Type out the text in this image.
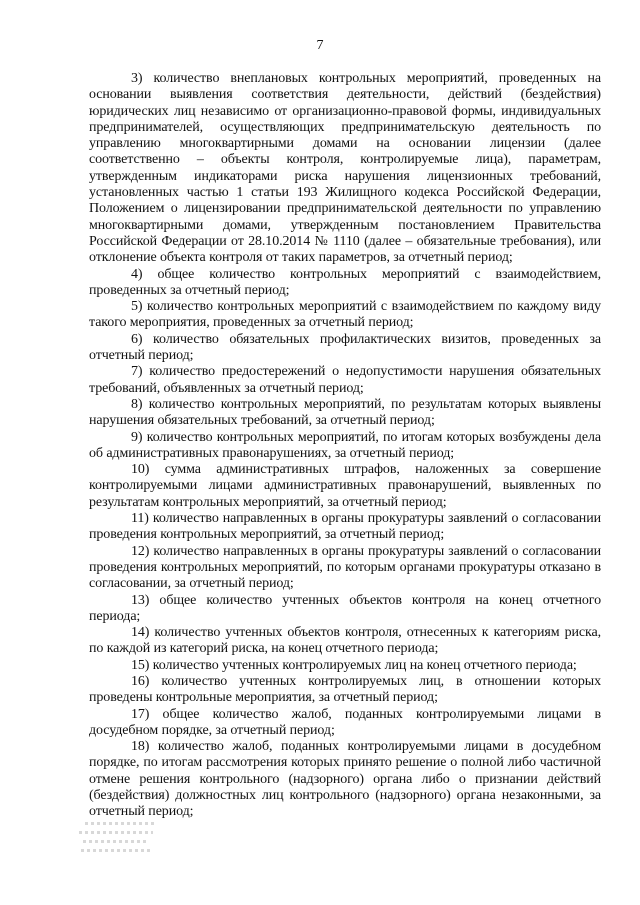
7

3) количество внеплановых контрольных мероприятий, проведенных на основании выявления соответствия деятельности, действий (бездействия) юридических лиц независимо от организационно-правовой формы, индивидуальных предпринимателей, осуществляющих предпринимательскую деятельность по управлению многоквартирными домами на основании лицензии (далее соответственно – объекты контроля, контролируемые лица), параметрам, утвержденным индикаторами риска нарушения лицензионных требований, установленных частью 1 статьи 193 Жилищного кодекса Российской Федерации, Положением о лицензировании предпринимательской деятельности по управлению многоквартирными домами, утвержденным постановлением Правительства Российской Федерации от 28.10.2014 № 1110 (далее – обязательные требования), или отклонение объекта контроля от таких параметров, за отчетный период;

4) общее количество контрольных мероприятий с взаимодействием, проведенных за отчетный период;

5) количество контрольных мероприятий с взаимодействием по каждому виду такого мероприятия, проведенных за отчетный период;

6) количество обязательных профилактических визитов, проведенных за отчетный период;

7) количество предостережений о недопустимости нарушения обязательных требований, объявленных за отчетный период;

8) количество контрольных мероприятий, по результатам которых выявлены нарушения обязательных требований, за отчетный период;

9) количество контрольных мероприятий, по итогам которых возбуждены дела об административных правонарушениях, за отчетный период;

10) сумма административных штрафов, наложенных за совершение контролируемыми лицами административных правонарушений, выявленных по результатам контрольных мероприятий, за отчетный период;

11) количество направленных в органы прокуратуры заявлений о согласовании проведения контрольных мероприятий, за отчетный период;

12) количество направленных в органы прокуратуры заявлений о согласовании проведения контрольных мероприятий, по которым органами прокуратуры отказано в согласовании, за отчетный период;

13) общее количество учтенных объектов контроля на конец отчетного периода;

14) количество учтенных объектов контроля, отнесенных к категориям риска, по каждой из категорий риска, на конец отчетного периода;

15) количество учтенных контролируемых лиц на конец отчетного периода;

16) количество учтенных контролируемых лиц, в отношении которых проведены контрольные мероприятия, за отчетный период;

17) общее количество жалоб, поданных контролируемыми лицами в досудебном порядке, за отчетный период;

18) количество жалоб, поданных контролируемыми лицами в досудебном порядке, по итогам рассмотрения которых принято решение о полной либо частичной отмене решения контрольного (надзорного) органа либо о признании действий (бездействия) должностных лиц контрольного (надзорного) органа незаконными, за отчетный период;
